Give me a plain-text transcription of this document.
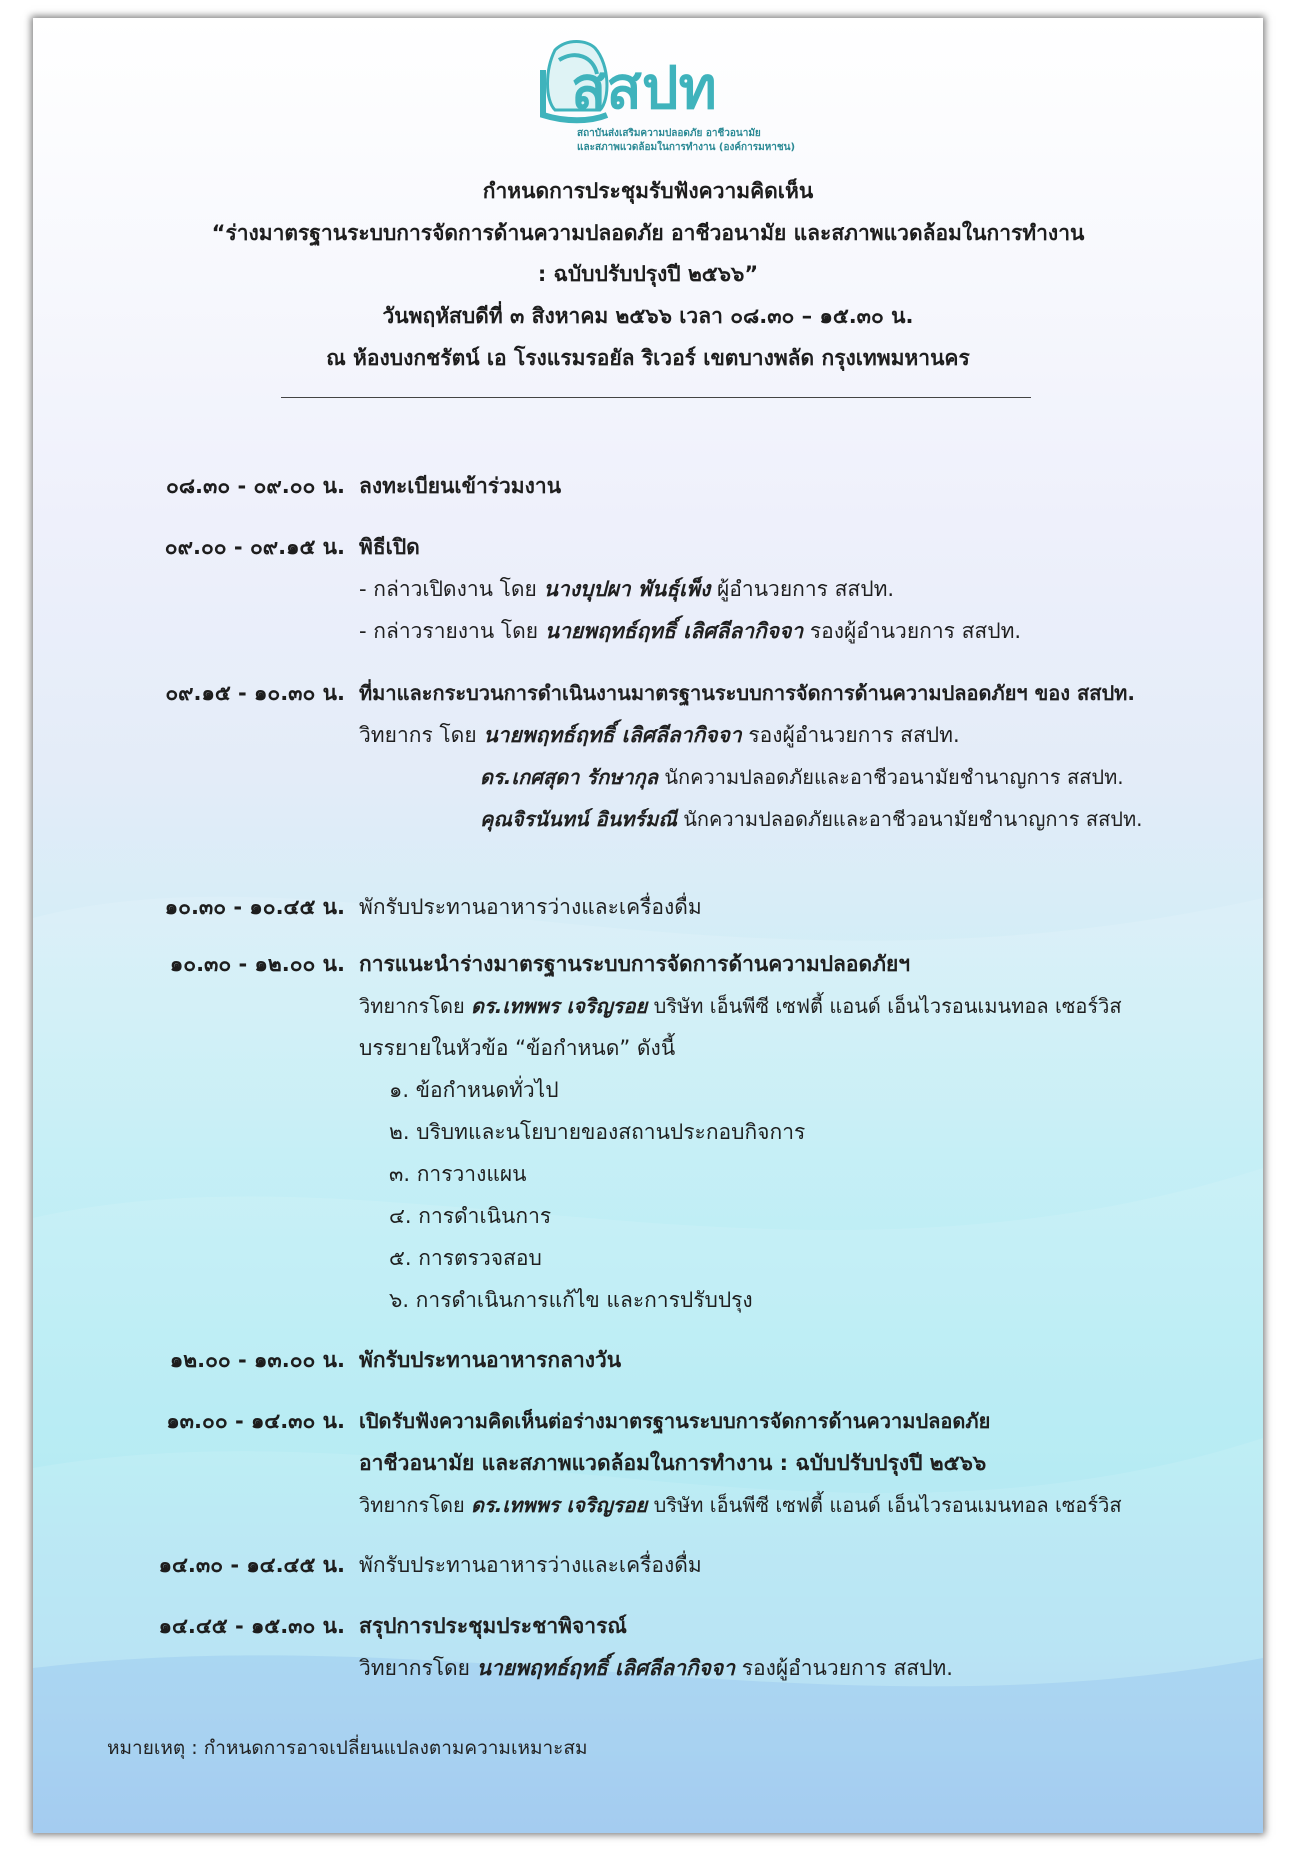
สสปท
สถาบันส่งเสริมความปลอดภัย อาชีวอนามัย
และสภาพแวดล้อมในการทำงาน (องค์การมหาชน)
กำหนดการประชุมรับฟังความคิดเห็น
“ร่างมาตรฐานระบบการจัดการด้านความปลอดภัย อาชีวอนามัย และสภาพแวดล้อมในการทำงาน
: ฉบับปรับปรุงปี ๒๕๖๖”
วันพฤหัสบดีที่ ๓ สิงหาคม ๒๕๖๖ เวลา ๐๘.๓๐ – ๑๕.๓๐ น.
ณ ห้องบงกชรัตน์ เอ โรงแรมรอยัล ริเวอร์ เขตบางพลัด กรุงเทพมหานคร
๐๘.๓๐ - ๐๙.๐๐ น. ลงทะเบียนเข้าร่วมงาน
๐๙.๐๐ - ๐๙.๑๕ น. พิธีเปิด
- กล่าวเปิดงาน โดย นางบุปผา พันธุ์เพ็ง ผู้อำนวยการ สสปท.
- กล่าวรายงาน โดย นายพฤทธ์ฤทธิ์ เลิศลีลากิจจา รองผู้อำนวยการ สสปท.
๐๙.๑๕ - ๑๐.๓๐ น. ที่มาและกระบวนการดำเนินงานมาตรฐานระบบการจัดการด้านความปลอดภัยฯ ของ สสปท.
วิทยากร โดย นายพฤทธ์ฤทธิ์ เลิศลีลากิจจา รองผู้อำนวยการ สสปท.
ดร.เกศสุดา รักษากุล นักความปลอดภัยและอาชีวอนามัยชำนาญการ สสปท.
คุณจิรนันทน์ อินทร์มณี นักความปลอดภัยและอาชีวอนามัยชำนาญการ สสปท.
๑๐.๓๐ - ๑๐.๔๕ น. พักรับประทานอาหารว่างและเครื่องดื่ม
๑๐.๓๐ - ๑๒.๐๐ น. การแนะนำร่างมาตรฐานระบบการจัดการด้านความปลอดภัยฯ
วิทยากรโดย ดร.เทพพร เจริญรอย บริษัท เอ็นพีซี เซฟตี้ แอนด์ เอ็นไวรอนเมนทอล เซอร์วิส
บรรยายในหัวข้อ “ข้อกำหนด” ดังนี้
๑. ข้อกำหนดทั่วไป
๒. บริบทและนโยบายของสถานประกอบกิจการ
๓. การวางแผน
๔. การดำเนินการ
๕. การตรวจสอบ
๖. การดำเนินการแก้ไข และการปรับปรุง
๑๒.๐๐ - ๑๓.๐๐ น. พักรับประทานอาหารกลางวัน
๑๓.๐๐ - ๑๔.๓๐ น. เปิดรับฟังความคิดเห็นต่อร่างมาตรฐานระบบการจัดการด้านความปลอดภัย
อาชีวอนามัย และสภาพแวดล้อมในการทำงาน : ฉบับปรับปรุงปี ๒๕๖๖
วิทยากรโดย ดร.เทพพร เจริญรอย บริษัท เอ็นพีซี เซฟตี้ แอนด์ เอ็นไวรอนเมนทอล เซอร์วิส
๑๔.๓๐ - ๑๔.๔๕ น. พักรับประทานอาหารว่างและเครื่องดื่ม
๑๔.๔๕ - ๑๕.๓๐ น. สรุปการประชุมประชาพิจารณ์
วิทยากรโดย นายพฤทธ์ฤทธิ์ เลิศลีลากิจจา รองผู้อำนวยการ สสปท.
หมายเหตุ : กำหนดการอาจเปลี่ยนแปลงตามความเหมาะสม
